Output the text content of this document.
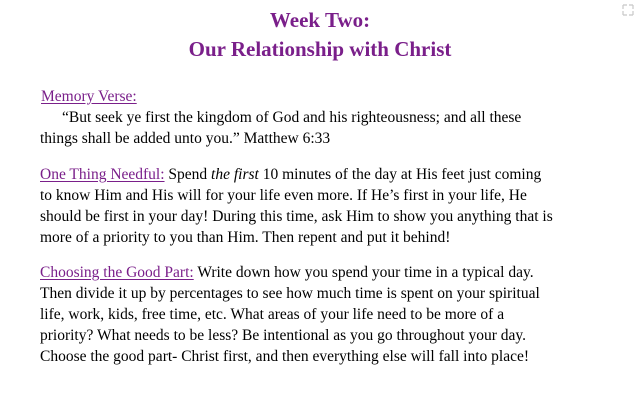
Week Two:
Our Relationship with Christ
Memory Verse:
“But seek ye first the kingdom of God and his righteousness; and all these
things shall be added unto you.” Matthew 6:33
One Thing Needful: Spend the first 10 minutes of the day at His feet just coming
to know Him and His will for your life even more. If He’s first in your life, He
should be first in your day! During this time, ask Him to show you anything that is
more of a priority to you than Him. Then repent and put it behind!
Choosing the Good Part: Write down how you spend your time in a typical day.
Then divide it up by percentages to see how much time is spent on your spiritual
life, work, kids, free time, etc. What areas of your life need to be more of a
priority? What needs to be less? Be intentional as you go throughout your day.
Choose the good part- Christ first, and then everything else will fall into place!
